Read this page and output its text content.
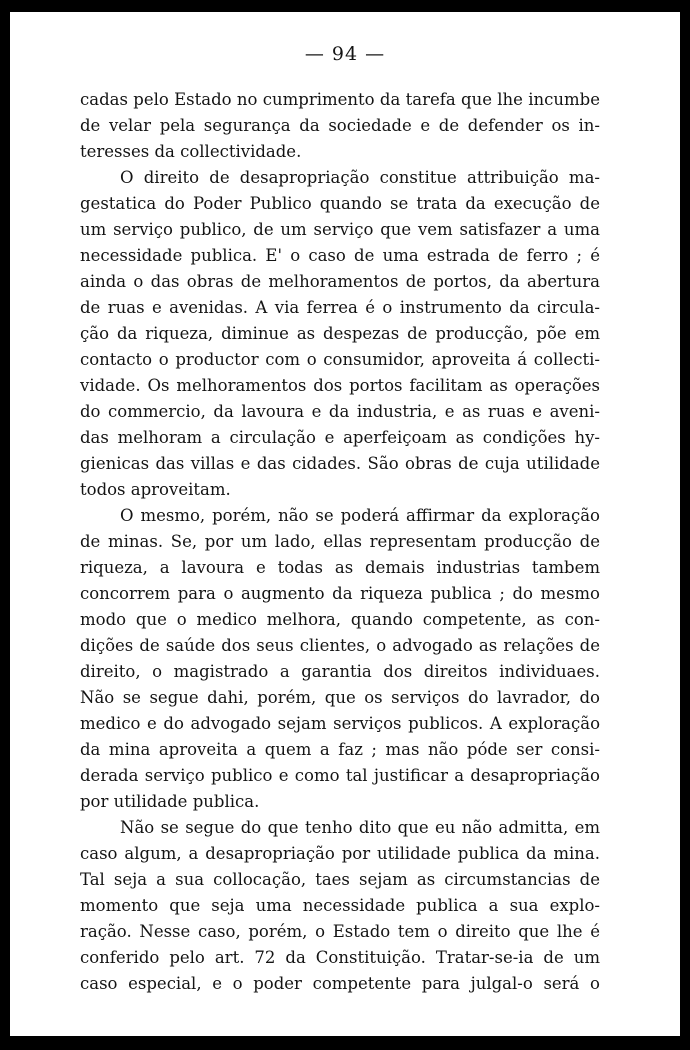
— 94 —
cadas pelo Estado no cumprimento da tarefa que lhe incumbe
de velar pela segurança da sociedade e de defender os in-
teresses da collectividade.
O direito de desapropriação constitue attribuição ma-
gestatica do Poder Publico quando se trata da execução de
um serviço publico, de um serviço que vem satisfazer a uma
necessidade publica. E' o caso de uma estrada de ferro ; é
ainda o das obras de melhoramentos de portos, da abertura
de ruas e avenidas. A via ferrea é o instrumento da circula-
ção da riqueza, diminue as despezas de producção, põe em
contacto o productor com o consumidor, aproveita á collecti-
vidade. Os melhoramentos dos portos facilitam as operações
do commercio, da lavoura e da industria, e as ruas e aveni-
das melhoram a circulação e aperfeiçoam as condições hy-
gienicas das villas e das cidades. São obras de cuja utilidade
todos aproveitam.
O mesmo, porém, não se poderá affirmar da exploração
de minas. Se, por um lado, ellas representam producção de
riqueza, a lavoura e todas as demais industrias tambem
concorrem para o augmento da riqueza publica ; do mesmo
modo que o medico melhora, quando competente, as con-
dições de saúde dos seus clientes, o advogado as relações de
direito, o magistrado a garantia dos direitos individuaes.
Não se segue dahi, porém, que os serviços do lavrador, do
medico e do advogado sejam serviços publicos. A exploração
da mina aproveita a quem a faz ; mas não póde ser consi-
derada serviço publico e como tal justificar a desapropriação
por utilidade publica.
Não se segue do que tenho dito que eu não admitta, em
caso algum, a desapropriação por utilidade publica da mina.
Tal seja a sua collocação, taes sejam as circumstancias de
momento que seja uma necessidade publica a sua explo-
ração. Nesse caso, porém, o Estado tem o direito que lhe é
conferido pelo art. 72 da Constituição. Tratar-se-ia de um
caso especial, e o poder competente para julgal-o será o
